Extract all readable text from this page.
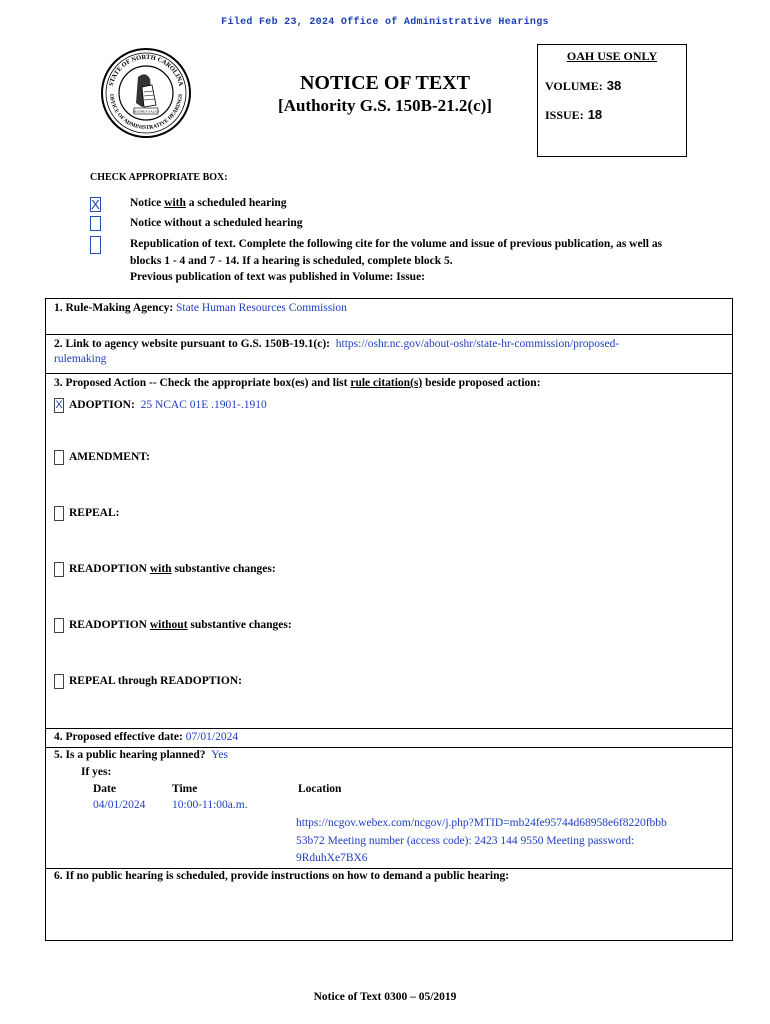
Filed Feb 23, 2024 Office of Administrative Hearings
STATE OF NORTH CAROLINA
OFFICE OF ADMINISTRATIVE HEARINGS
LEGIBUS SALUS
NOTICE OF TEXT
[Authority G.S. 150B-21.2(c)]
OAH USE ONLY
VOLUME: 38
ISSUE: 18
CHECK APPROPRIATE BOX:
X	Notice with a scheduled hearing
Notice without a scheduled hearing
Republication of text. Complete the following cite for the volume and issue of previous publication, as well as
blocks 1 - 4 and 7 - 14. If a hearing is scheduled, complete block 5.
Previous publication of text was published in Volume: Issue:
1. Rule-Making Agency: State Human Resources Commission
2. Link to agency website pursuant to G.S. 150B-19.1(c): https://oshr.nc.gov/about-oshr/state-hr-commission/proposed-
rulemaking
3. Proposed Action -- Check the appropriate box(es) and list rule citation(s) beside proposed action:
X ADOPTION: 25 NCAC 01E .1901-.1910
AMENDMENT:
REPEAL:
READOPTION with substantive changes:
READOPTION without substantive changes:
REPEAL through READOPTION:
4. Proposed effective date: 07/01/2024
5. Is a public hearing planned? Yes
If yes:
Date	Time	Location
04/01/2024 10:00-11:00a.m.
https://ncgov.webex.com/ncgov/j.php?MTID=mb24fe95744d68958e6f8220fbbb
53b72 Meeting number (access code): 2423 144 9550 Meeting password:
9RduhXe7BX6
6. If no public hearing is scheduled, provide instructions on how to demand a public hearing:
Notice of Text 0300 – 05/2019
